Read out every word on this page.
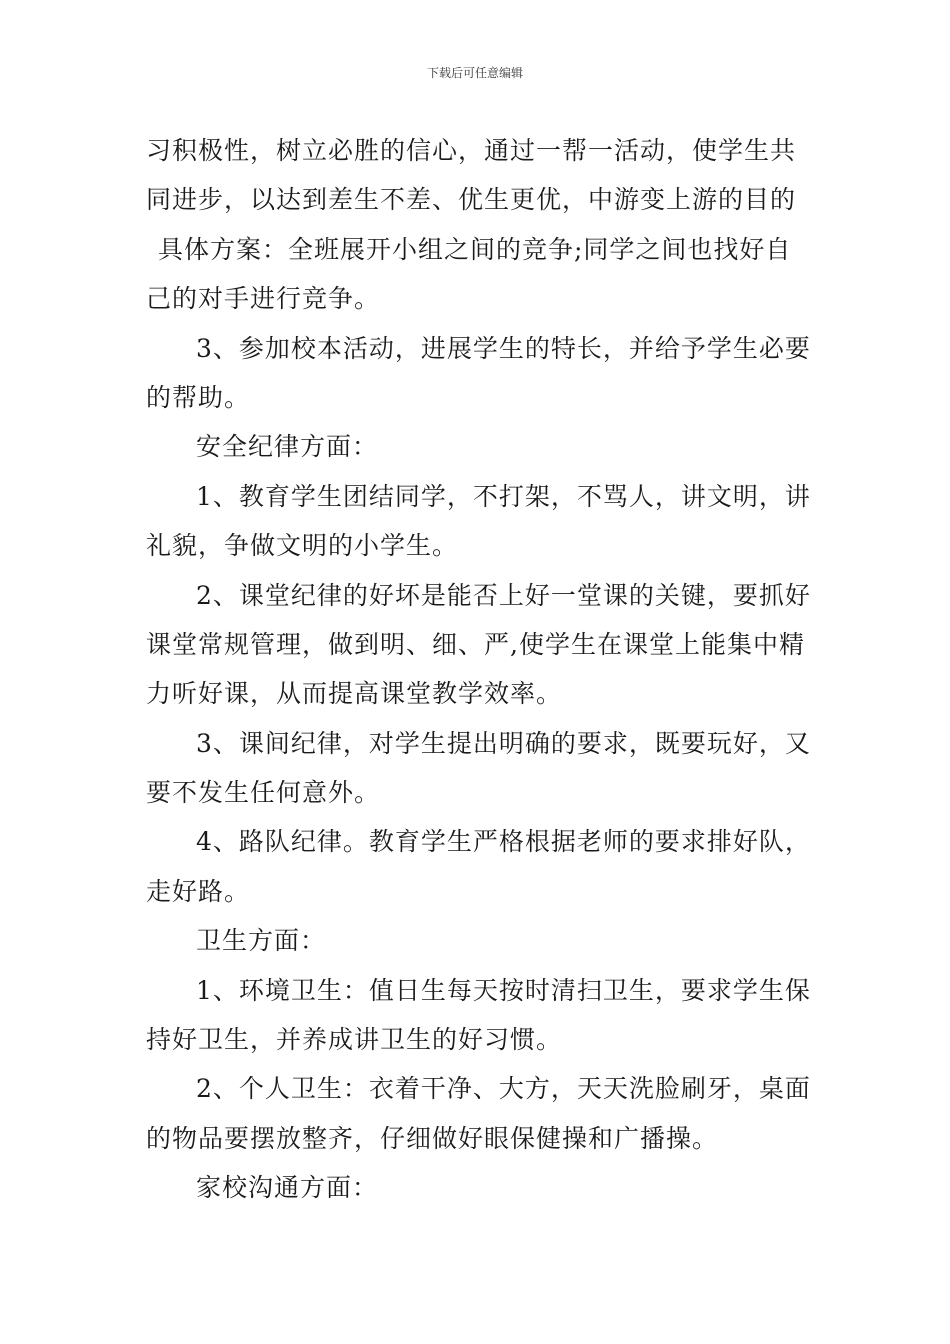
下载后可任意编辑
习积极性，树立必胜的信心，通过一帮一活动，使学生共
同进步，以达到差生不差、优生更优，中游变上游的目的
具体方案：全班展开小组之间的竞争;同学之间也找好自
己的对手进行竞争。
3、参加校本活动，进展学生的特长，并给予学生必要
的帮助。
安全纪律方面：
1、教育学生团结同学，不打架，不骂人，讲文明，讲
礼貌，争做文明的小学生。
2、课堂纪律的好坏是能否上好一堂课的关键，要抓好
课堂常规管理，做到明、细、严,使学生在课堂上能集中精
力听好课，从而提高课堂教学效率。
3、课间纪律，对学生提出明确的要求，既要玩好，又
要不发生任何意外。
4、路队纪律。教育学生严格根据老师的要求排好队，
走好路。
卫生方面：
1、环境卫生：值日生每天按时清扫卫生，要求学生保
持好卫生，并养成讲卫生的好习惯。
2、个人卫生：衣着干净、大方，天天洗脸刷牙，桌面
的物品要摆放整齐，仔细做好眼保健操和广播操。
家校沟通方面：
